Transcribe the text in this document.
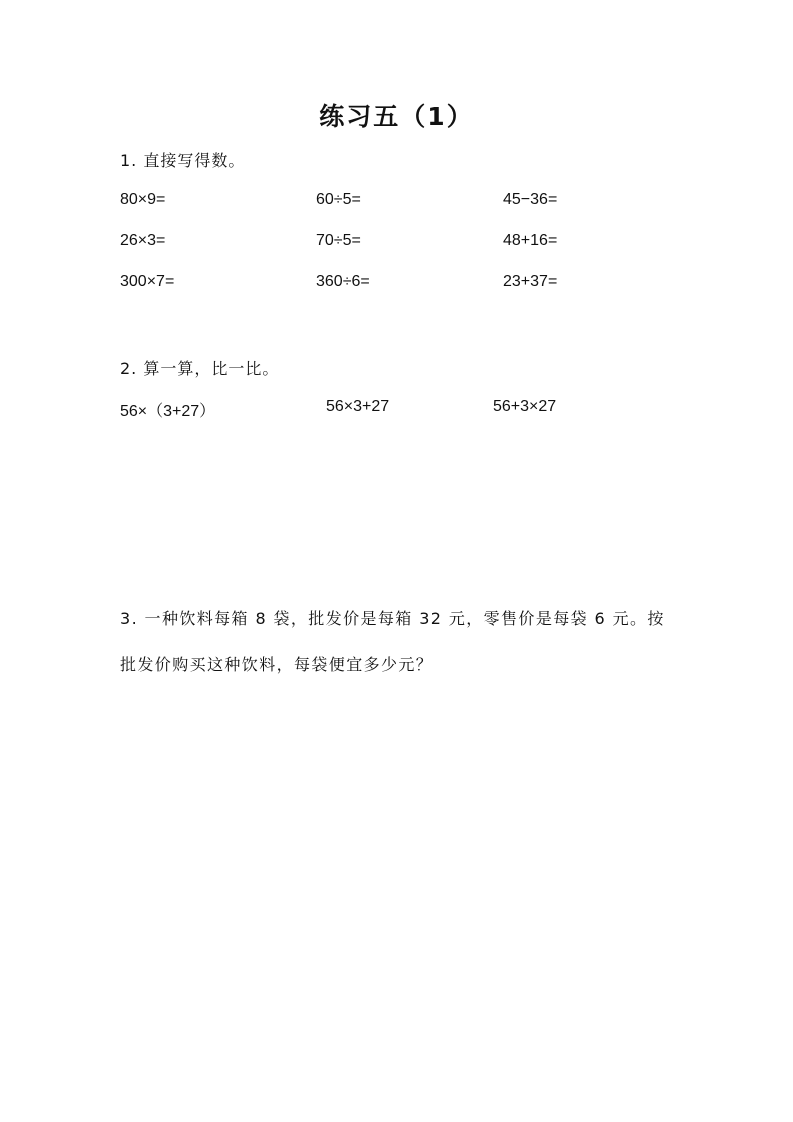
练习五（1）
1. 直接写得数。
80×9=	60÷5=	45−36=
26×3=	70÷5=	48+16=
300×7=	360÷6=	23+37=
2. 算一算，比一比。
56×（3+27）	56×3+27	56+3×27
3. 一种饮料每箱 8 袋，批发价是每箱 32 元，零售价是每袋 6 元。按
批发价购买这种饮料，每袋便宜多少元？
